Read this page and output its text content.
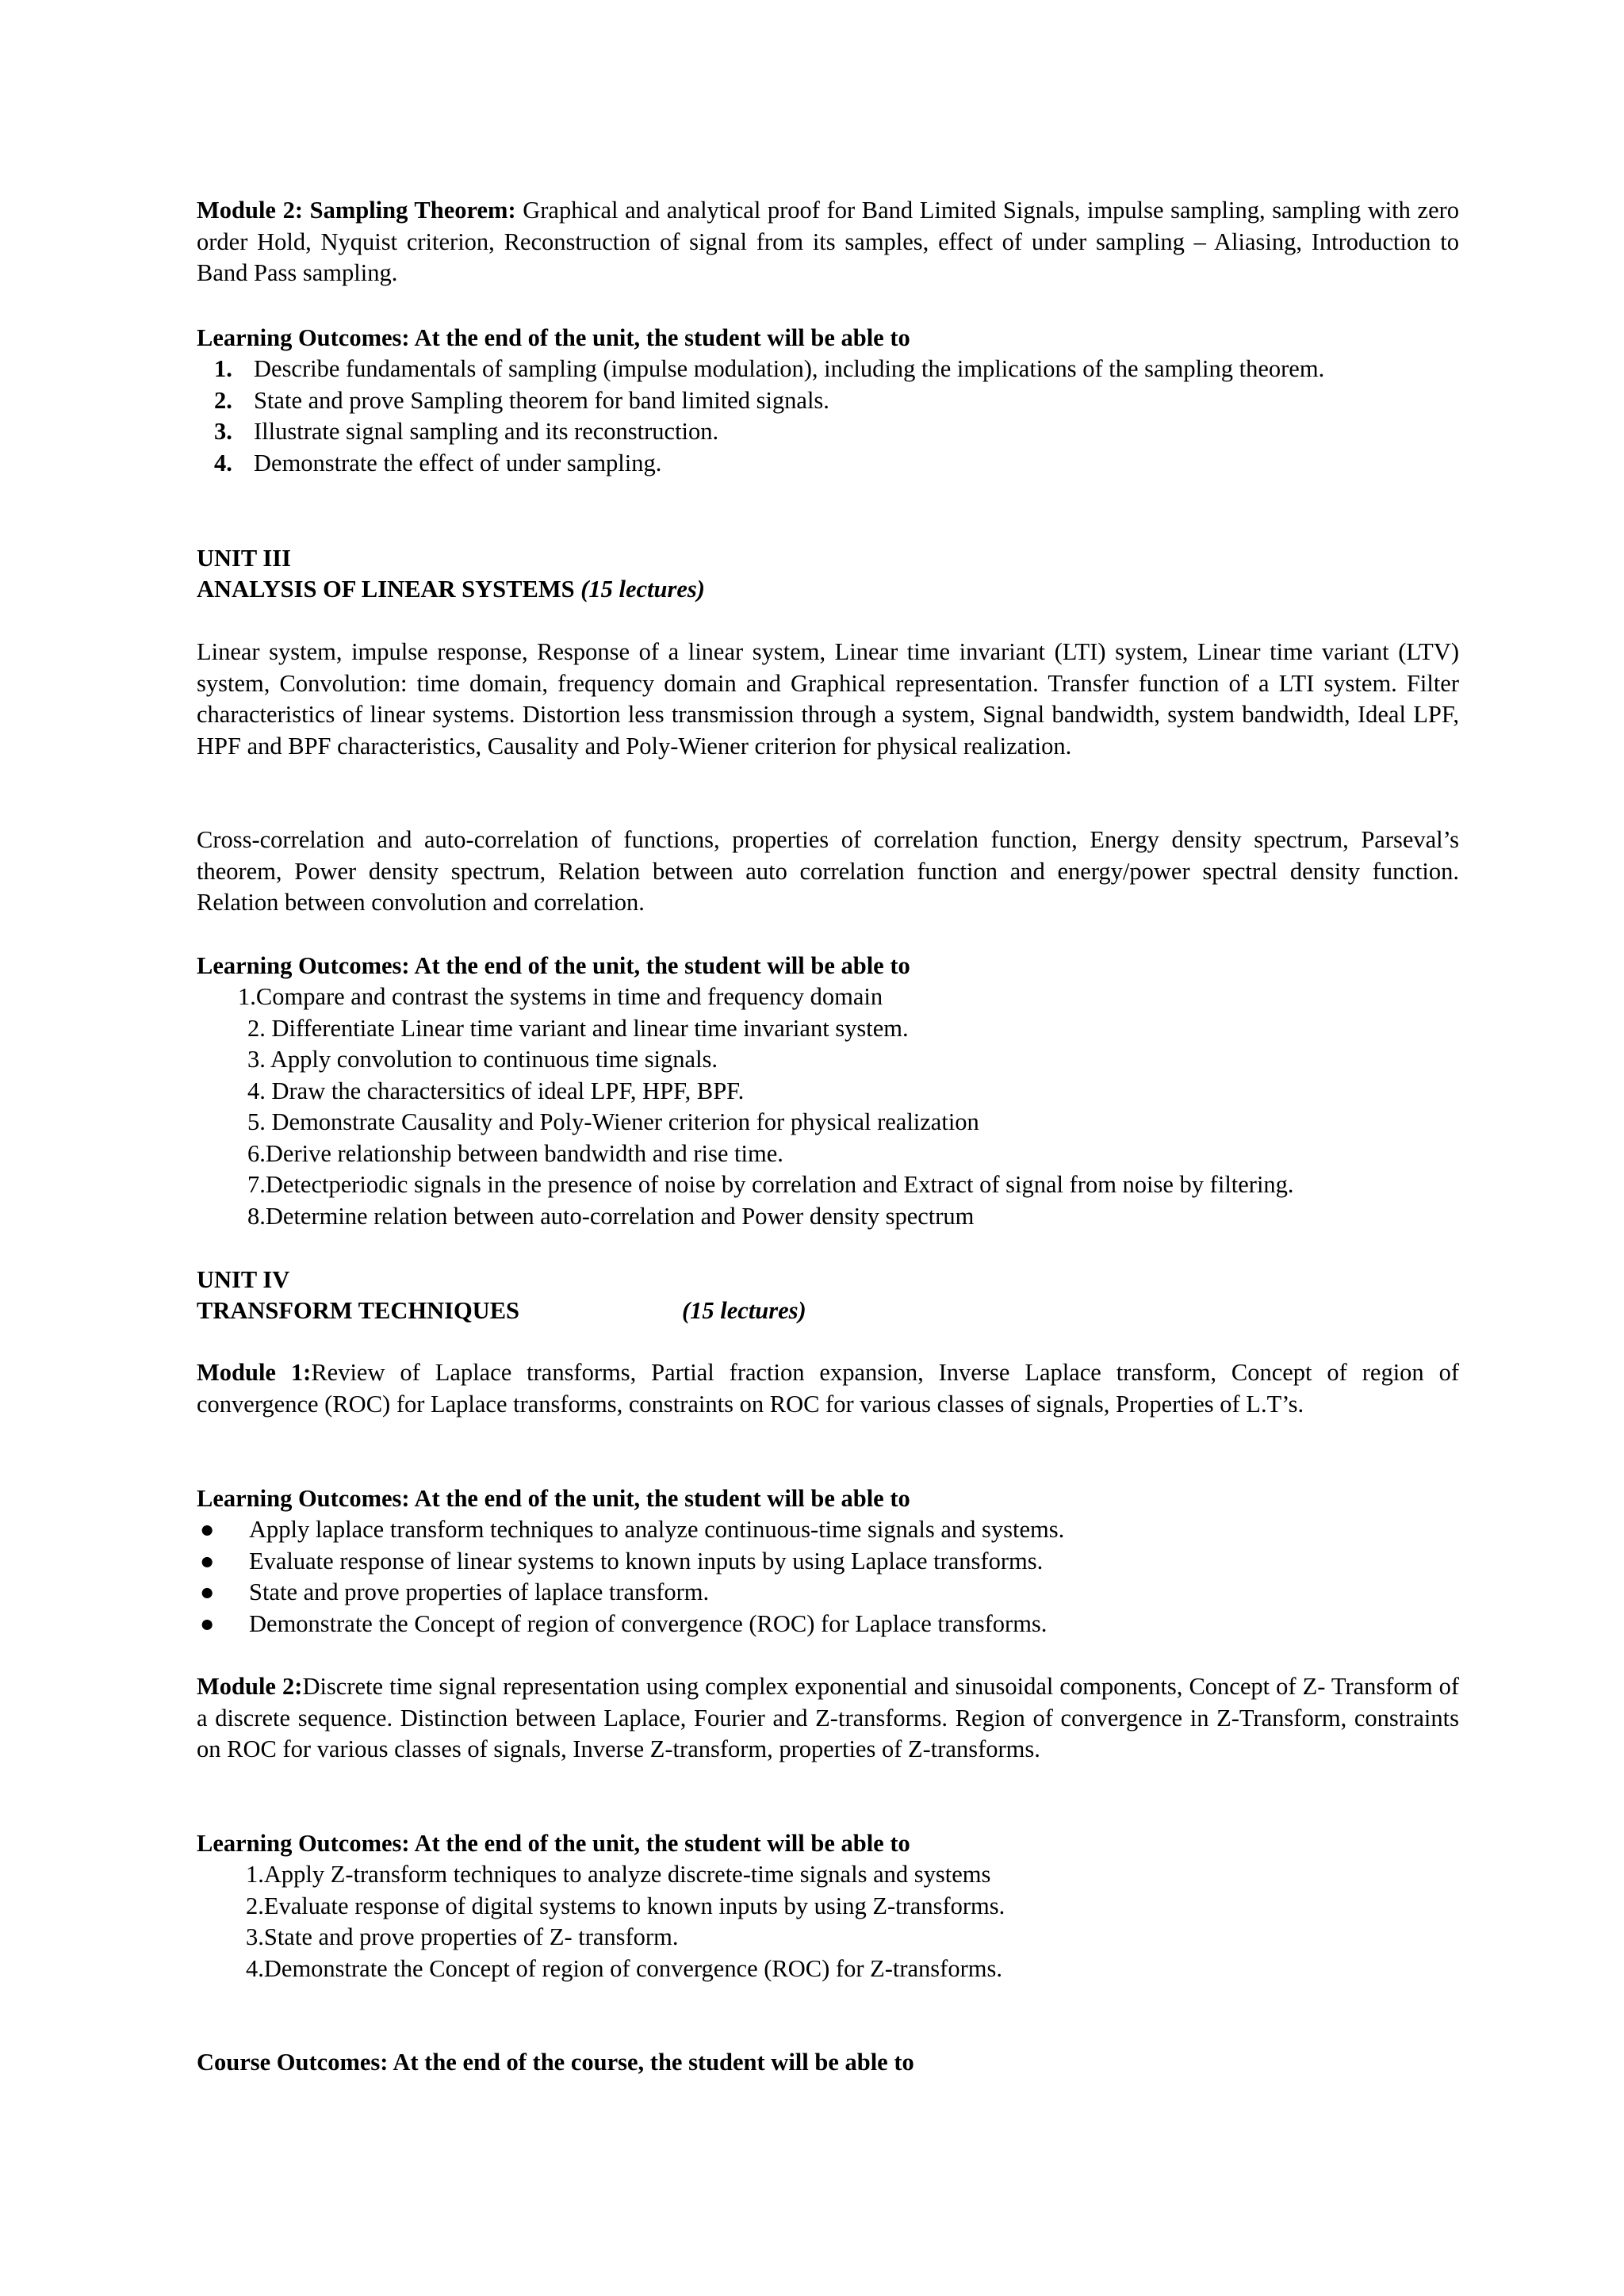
Module 2: Sampling Theorem: Graphical and analytical proof for Band Limited Signals, impulse sampling, sampling with zero order Hold, Nyquist criterion, Reconstruction of signal from its samples, effect of under sampling – Aliasing, Introduction to Band Pass sampling.

Learning Outcomes: At the end of the unit, the student will be able to
1. Describe fundamentals of sampling (impulse modulation), including the implications of the sampling theorem.
2. State and prove Sampling theorem for band limited signals.
3. Illustrate signal sampling and its reconstruction.
4. Demonstrate the effect of under sampling.
UNIT III
ANALYSIS OF LINEAR SYSTEMS (15 lectures)

Linear system, impulse response, Response of a linear system, Linear time invariant (LTI) system, Linear time variant (LTV) system, Convolution: time domain, frequency domain and Graphical representation. Transfer function of a LTI system. Filter characteristics of linear systems. Distortion less transmission through a system, Signal bandwidth, system bandwidth, Ideal LPF, HPF and BPF characteristics, Causality and Poly-Wiener criterion for physical realization.

Cross-correlation and auto-correlation of functions, properties of correlation function, Energy density spectrum, Parseval’s theorem, Power density spectrum, Relation between auto correlation function and energy/power spectral density function. Relation between convolution and correlation.

Learning Outcomes: At the end of the unit, the student will be able to
1.Compare and contrast the systems in time and frequency domain
2. Differentiate Linear time variant and linear time invariant system.
3. Apply convolution to continuous time signals.
4. Draw the charactersitics of ideal LPF, HPF, BPF.
5. Demonstrate Causality and Poly-Wiener criterion for physical realization
6.Derive relationship between bandwidth and rise time.
7.Detectperiodic signals in the presence of noise by correlation and Extract of signal from noise by filtering.
8.Determine relation between auto-correlation and Power density spectrum
UNIT IV
TRANSFORM TECHNIQUES	(15 lectures)

Module 1:Review of Laplace transforms, Partial fraction expansion, Inverse Laplace transform, Concept of region of convergence (ROC) for Laplace transforms, constraints on ROC for various classes of signals, Properties of L.T’s.

Learning Outcomes: At the end of the unit, the student will be able to
● Apply laplace transform techniques to analyze continuous-time signals and systems.
● Evaluate response of linear systems to known inputs by using Laplace transforms.
● State and prove properties of laplace transform.
● Demonstrate the Concept of region of convergence (ROC) for Laplace transforms.

Module 2:Discrete time signal representation using complex exponential and sinusoidal components, Concept of Z- Transform of a discrete sequence. Distinction between Laplace, Fourier and Z-transforms. Region of convergence in Z-Transform, constraints on ROC for various classes of signals, Inverse Z-transform, properties of Z-transforms.

Learning Outcomes: At the end of the unit, the student will be able to
1.Apply Z-transform techniques to analyze discrete-time signals and systems
2.Evaluate response of digital systems to known inputs by using Z-transforms.
3.State and prove properties of Z- transform.
4.Demonstrate the Concept of region of convergence (ROC) for Z-transforms.
Course Outcomes: At the end of the course, the student will be able to
